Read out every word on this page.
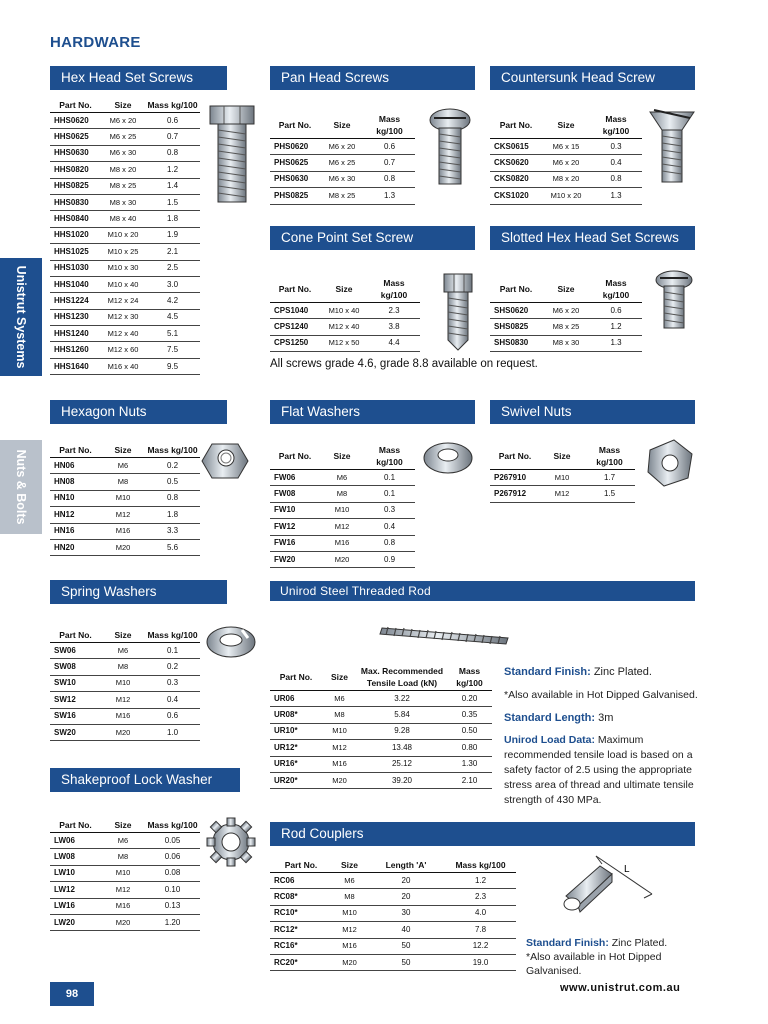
HARDWARE
Unistrut Systems
Nuts & Bolts
Hex Head Set Screws	Pan Head Screws	Countersunk Head Screw
Cone Point Set Screw	Slotted Hex Head Set Screws
Hexagon Nuts	Flat Washers	Swivel Nuts
Spring Washers	Unirod Steel Threaded Rod
Shakeproof Lock Washer
Rod Couplers
Part No.	Size	Mass kg/100
HHS0620	M6 x 20	0.6
HHS0625	M6 x 25	0.7
HHS0630	M6 x 30	0.8
HHS0820	M8 x 20	1.2
HHS0825	M8 x 25	1.4
HHS0830	M8 x 30	1.5
HHS0840	M8 x 40	1.8
HHS1020	M10 x 20	1.9
HHS1025	M10 x 25	2.1
HHS1030	M10 x 30	2.5
HHS1040	M10 x 40	3.0
HHS1224	M12 x 24	4.2
HHS1230	M12 x 30	4.5
HHS1240	M12 x 40	5.1
HHS1260	M12 x 60	7.5
HHS1640	M16 x 40	9.5
Part No.	Size	Mass kg/100
PHS0620	M6 x 20	0.6
PHS0625	M6 x 25	0.7
PHS0630	M6 x 30	0.8
PHS0825	M8 x 25	1.3
Part No.	Size	Mass kg/100
CKS0615	M6 x 15	0.3
CKS0620	M6 x 20	0.4
CKS0820	M8 x 20	0.8
CKS1020	M10 x 20	1.3
Part No.	Size	Mass kg/100
CPS1040	M10 x 40	2.3
CPS1240	M12 x 40	3.8
CPS1250	M12 x 50	4.4
Part No.	Size	Mass kg/100
SHS0620	M6 x 20	0.6
SHS0825	M8 x 25	1.2
SHS0830	M8 x 30	1.3
Part No.	Size	Mass kg/100
HN06	M6	0.2
HN08	M8	0.5
HN10	M10	0.8
HN12	M12	1.8
HN16	M16	3.3
HN20	M20	5.6
Part No.	Size	Mass kg/100
FW06	M6	0.1
FW08	M8	0.1
FW10	M10	0.3
FW12	M12	0.4
FW16	M16	0.8
FW20	M20	0.9
Part No.	Size	Mass kg/100
P267910	M10	1.7
P267912	M12	1.5
Part No.	Size	Mass kg/100
SW06	M6	0.1
SW08	M8	0.2
SW10	M10	0.3
SW12	M12	0.4
SW16	M16	0.6
SW20	M20	1.0
Part No.	Size	Max. Recommended Tensile Load (kN)	Mass kg/100
UR06	M6	3.22	0.20
UR08*	M8	5.84	0.35
UR10*	M10	9.28	0.50
UR12*	M12	13.48	0.80
UR16*	M16	25.12	1.30
UR20*	M20	39.20	2.10
Part No.	Size	Mass kg/100
LW06	M6	0.05
LW08	M8	0.06
LW10	M10	0.08
LW12	M12	0.10
LW16	M16	0.13
LW20	M20	1.20
Part No.	Size	Length 'A'	Mass kg/100
RC06	M6	20	1.2
RC08*	M8	20	2.3
RC10*	M10	30	4.0
RC12*	M12	40	7.8
RC16*	M16	50	12.2
RC20*	M20	50	19.0
All screws grade 4.6, grade 8.8 available on request.

Standard Finish: Zinc Plated.

*Also available in Hot Dipped Galvanised.

Standard Length: 3m

Unirod Load Data: Maximum recommended tensile load is based on a safety factor of 2.5 using the appropriate stress area of thread and ultimate tensile strength of 430 MPa.

Standard Finish: Zinc Plated.
*Also available in Hot Dipped Galvanised.
98	www.unistrut.com.au
L
